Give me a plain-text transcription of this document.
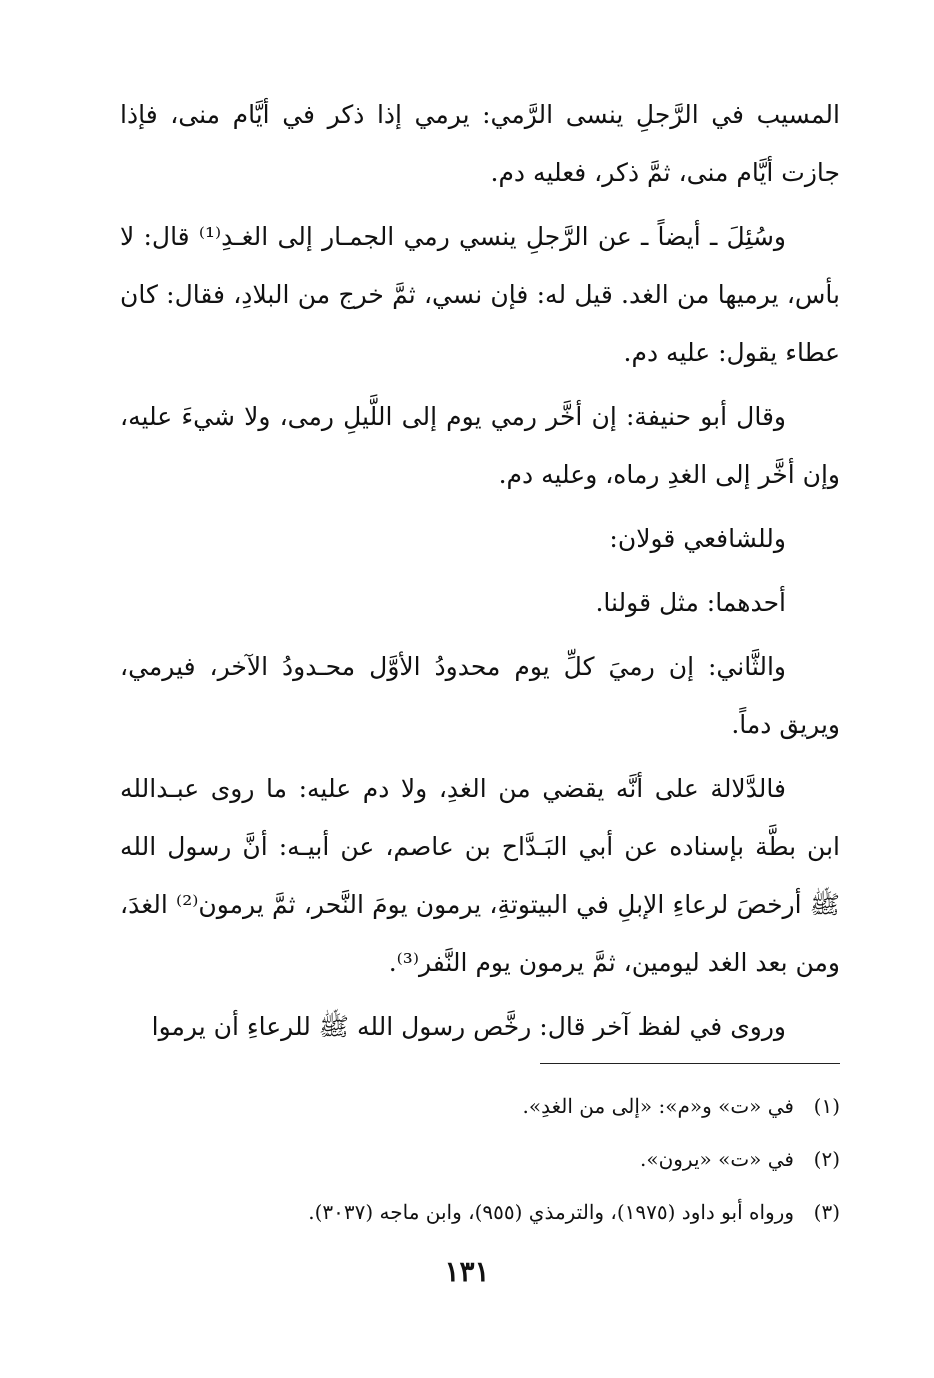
المسيب في الرَّجلِ ينسى الرَّمي: يرمي إذا ذكر في أيَّام منى، فإذا جازت أيَّام منى، ثمَّ ذكر، فعليه دم.

وسُئِلَ ـ أيضاً ـ عن الرَّجلِ ينسي رمي الجمـار إلى الغـدِ⁽¹⁾ قال: لا بأس، يرميها من الغد. قيل له: فإن نسي، ثمَّ خرج من البلادِ، فقال: كان عطاء يقول: عليه دم.

وقال أبو حنيفة: إن أخَّر رمي يوم إلى اللَّيلِ رمى، ولا شيءَ عليه، وإن أخَّر إلى الغدِ رماه، وعليه دم.

وللشافعي قولان:

أحدهما: مثل قولنا.

والثَّاني: إن رميَ كلِّ يوم محدودُ الأوَّل محـدودُ الآخر، فيرمي، ويريق دماً.

فالدَّلالة على أنَّه يقضي من الغدِ، ولا دم عليه: ما روى عبـدالله ابن بطَّة بإسناده عن أبي البَـدَّاح بن عاصم، عن أبيـه: أنَّ رسول الله ﷺ أرخصَ لرعاءِ الإبلِ في البيتوتةِ، يرمون يومَ النَّحر، ثمَّ يرمون⁽²⁾ الغدَ، ومن بعد الغد ليومين، ثمَّ يرمون يوم النَّفر⁽³⁾.

وروى في لفظ آخر قال: رخَّص رسول الله ﷺ للرعاءِ أن يرموا

(١)في «ت» و«م»: «إلى من الغدِ».

(٢)في «ت» «يرون».

(٣)ورواه أبو داود (١٩٧٥)، والترمذي (٩٥٥)، وابن ماجه (٣٠٣٧).

١٣١
